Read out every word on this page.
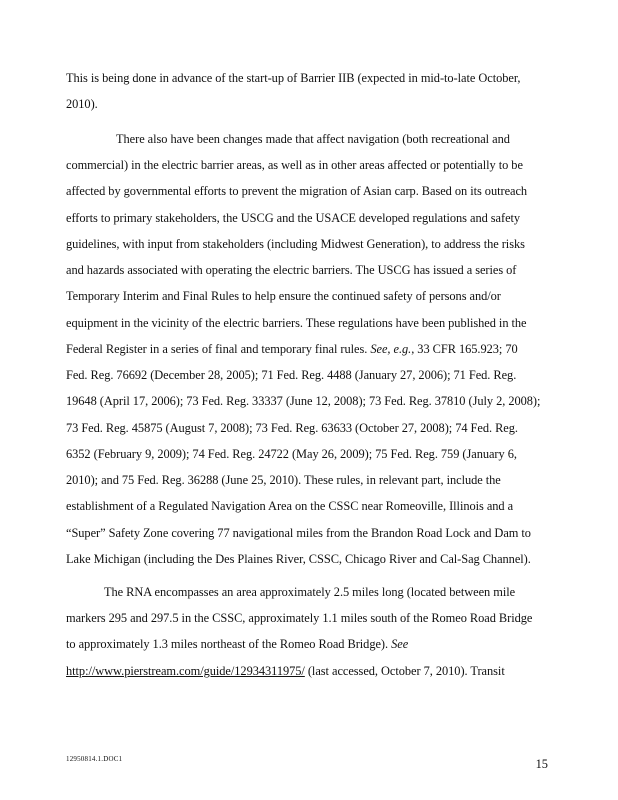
This is being done in advance of the start-up of Barrier IIB (expected in mid-to-late October,
2010).
There also have been changes made that affect navigation (both recreational and
commercial) in the electric barrier areas, as well as in other areas affected or potentially to be
affected by governmental efforts to prevent the migration of Asian carp. Based on its outreach
efforts to primary stakeholders, the USCG and the USACE developed regulations and safety
guidelines, with input from stakeholders (including Midwest Generation), to address the risks
and hazards associated with operating the electric barriers. The USCG has issued a series of
Temporary Interim and Final Rules to help ensure the continued safety of persons and/or
equipment in the vicinity of the electric barriers. These regulations have been published in the
Federal Register in a series of final and temporary final rules. See, e.g., 33 CFR 165.923; 70
Fed. Reg. 76692 (December 28, 2005); 71 Fed. Reg. 4488 (January 27, 2006); 71 Fed. Reg.
19648 (April 17, 2006); 73 Fed. Reg. 33337 (June 12, 2008); 73 Fed. Reg. 37810 (July 2, 2008);
73 Fed. Reg. 45875 (August 7, 2008); 73 Fed. Reg. 63633 (October 27, 2008); 74 Fed. Reg.
6352 (February 9, 2009); 74 Fed. Reg. 24722 (May 26, 2009); 75 Fed. Reg. 759 (January 6,
2010); and 75 Fed. Reg. 36288 (June 25, 2010). These rules, in relevant part, include the
establishment of a Regulated Navigation Area on the CSSC near Romeoville, Illinois and a
“Super” Safety Zone covering 77 navigational miles from the Brandon Road Lock and Dam to
Lake Michigan (including the Des Plaines River, CSSC, Chicago River and Cal-Sag Channel).
The RNA encompasses an area approximately 2.5 miles long (located between mile
markers 295 and 297.5 in the CSSC, approximately 1.1 miles south of the Romeo Road Bridge
to approximately 1.3 miles northeast of the Romeo Road Bridge). See
http://www.pierstream.com/guide/12934311975/ (last accessed, October 7, 2010). Transit
12950814.1.DOC1	15
